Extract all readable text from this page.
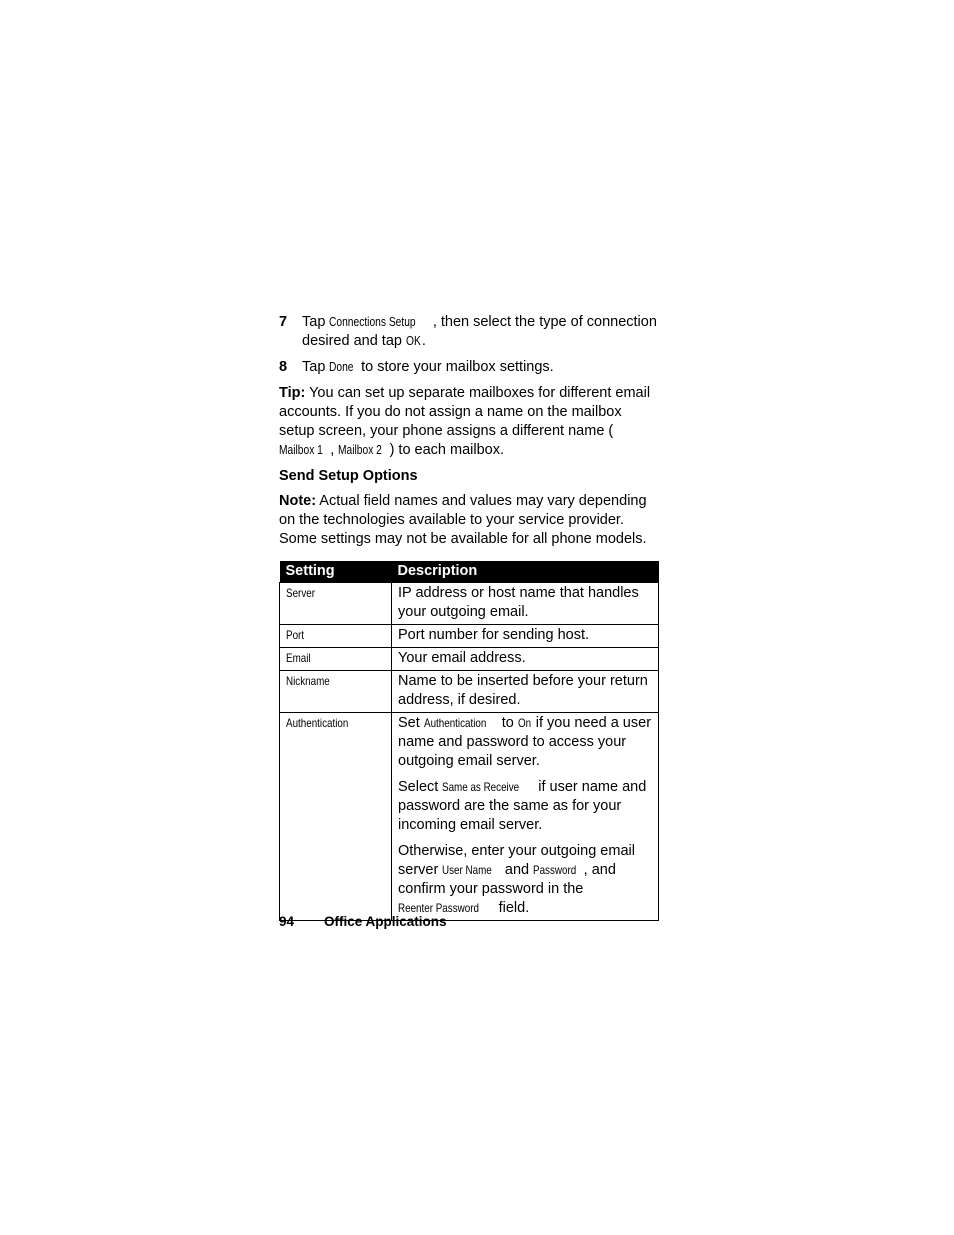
7 Tap Connections Setup , then select the type of connection desired and tap OK.
8 Tap Done to store your mailbox settings.

Tip: You can set up separate mailboxes for different email accounts. If you do not assign a name on the mailbox setup screen, your phone assigns a different name (Mailbox 1 , Mailbox 2 ) to each mailbox.

Send Setup Options

Note: Actual field names and values may vary depending on the technologies available to your service provider. Some settings may not be available for all phone models.

Setting	Description
Server	IP address or host name that handles your outgoing email.
Port	Port number for sending host.
Email	Your email address.
Nickname	Name to be inserted before your return address, if desired.
Authentication	Set Authentication to On if you need a user name and password to access your outgoing email server.

Select Same as Receive if user name and password are the same as for your incoming email server.

Otherwise, enter your outgoing email server User Name and Password , and confirm your password in the Reenter Password field.

94 Office Applications
